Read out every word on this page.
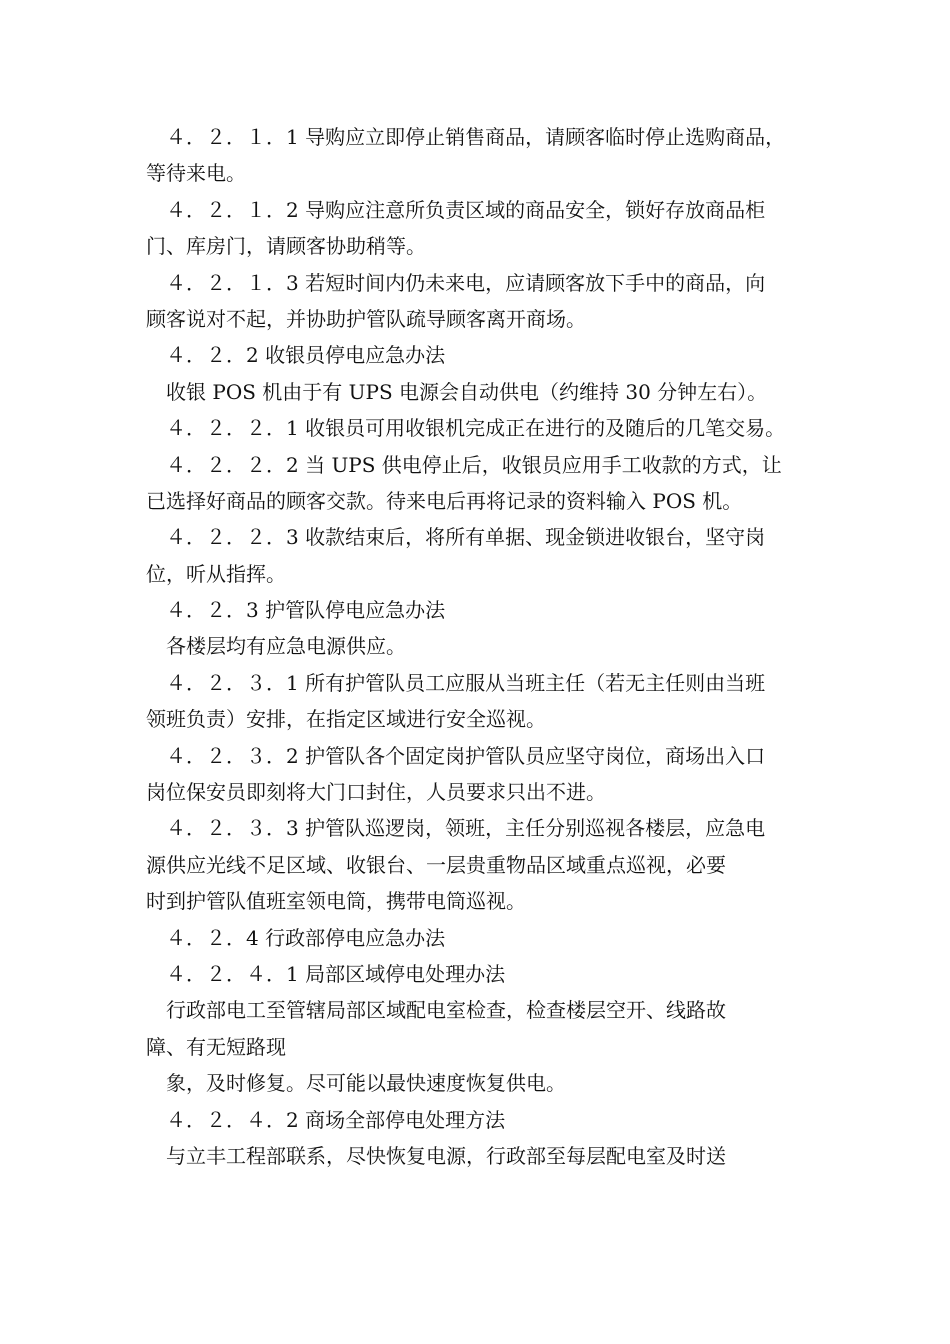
４．２．１．1 导购应立即停止销售商品，请顾客临时停止选购商品，
等待来电。
４．２．１．2 导购应注意所负责区域的商品安全，锁好存放商品柜
门、库房门，请顾客协助稍等。
４．２．１．3 若短时间内仍未来电，应请顾客放下手中的商品，向
顾客说对不起，并协助护管队疏导顾客离开商场。
４．２．2 收银员停电应急办法
收银 POS 机由于有 UPS 电源会自动供电（约维持 30 分钟左右）。
４．２．２．1 收银员可用收银机完成正在进行的及随后的几笔交易。
４．２．２．2 当 UPS 供电停止后，收银员应用手工收款的方式，让
已选择好商品的顾客交款。待来电后再将记录的资料输入 POS 机。
４．２．２．3 收款结束后，将所有单据、现金锁进收银台，坚守岗
位，听从指挥。
４．２．3 护管队停电应急办法
各楼层均有应急电源供应。
４．２．３．1 所有护管队员工应服从当班主任（若无主任则由当班
领班负责）安排，在指定区域进行安全巡视。
４．２．３．2 护管队各个固定岗护管队员应坚守岗位，商场出入口
岗位保安员即刻将大门口封住，人员要求只出不进。
４．２．３．3 护管队巡逻岗，领班，主任分别巡视各楼层，应急电
源供应光线不足区域、收银台、一层贵重物品区域重点巡视，必要
时到护管队值班室领电筒，携带电筒巡视。
４．２．4 行政部停电应急办法
４．２．４．1 局部区域停电处理办法
行政部电工至管辖局部区域配电室检查，检查楼层空开、线路故
障、有无短路现
象，及时修复。尽可能以最快速度恢复供电。
４．２．４．2 商场全部停电处理方法
与立丰工程部联系，尽快恢复电源，行政部至每层配电室及时送
